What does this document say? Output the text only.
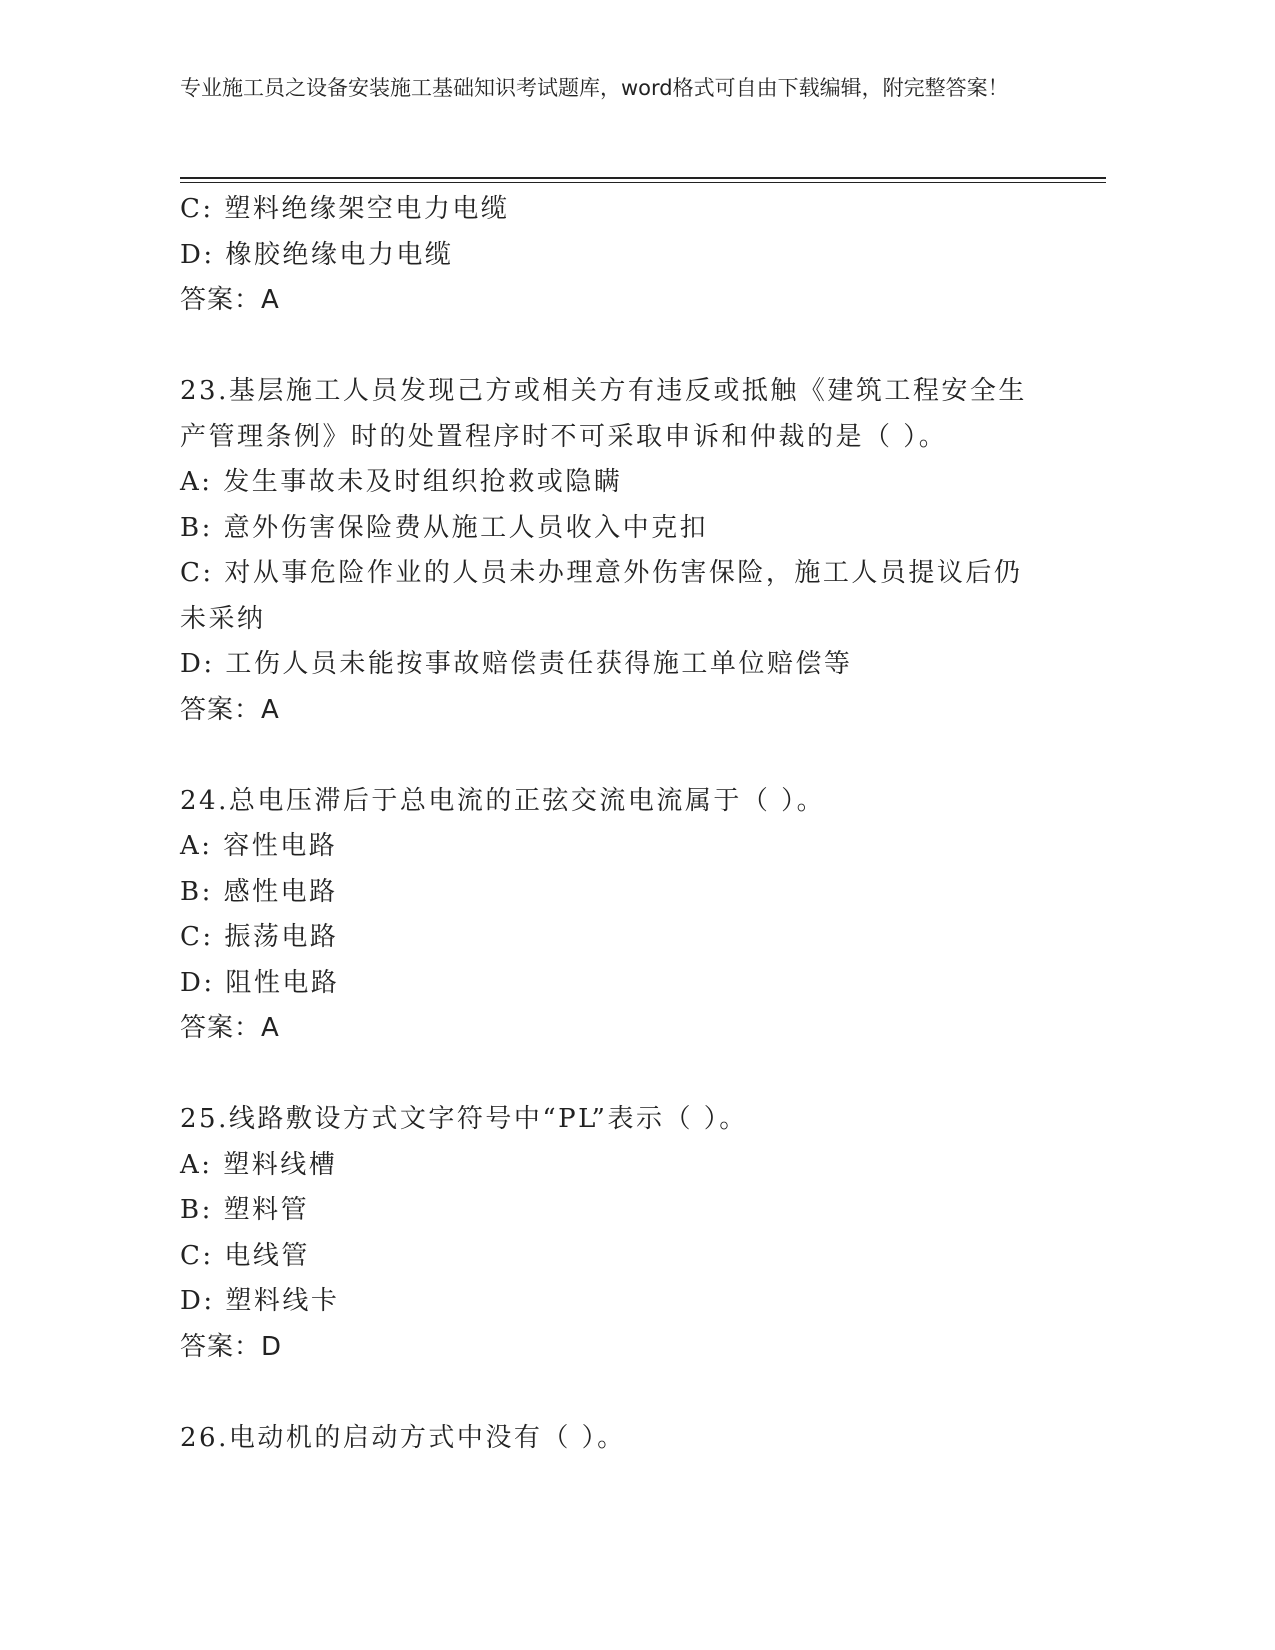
专业施工员之设备安装施工基础知识考试题库，word格式可自由下载编辑，附完整答案！
C: 塑料绝缘架空电力电缆
D: 橡胶绝缘电力电缆
答案：A
23.基层施工人员发现己方或相关方有违反或抵触《建筑工程安全生产管理条例》时的处置程序时不可采取申诉和仲裁的是（ ）。
A: 发生事故未及时组织抢救或隐瞒
B: 意外伤害保险费从施工人员收入中克扣
C: 对从事危险作业的人员未办理意外伤害保险，施工人员提议后仍未采纳
D: 工伤人员未能按事故赔偿责任获得施工单位赔偿等
答案：A
24.总电压滞后于总电流的正弦交流电流属于（ ）。
A: 容性电路
B: 感性电路
C: 振荡电路
D: 阻性电路
答案：A
25.线路敷设方式文字符号中“PL”表示（ ）。
A: 塑料线槽
B: 塑料管
C: 电线管
D: 塑料线卡
答案：D
26.电动机的启动方式中没有（ ）。
